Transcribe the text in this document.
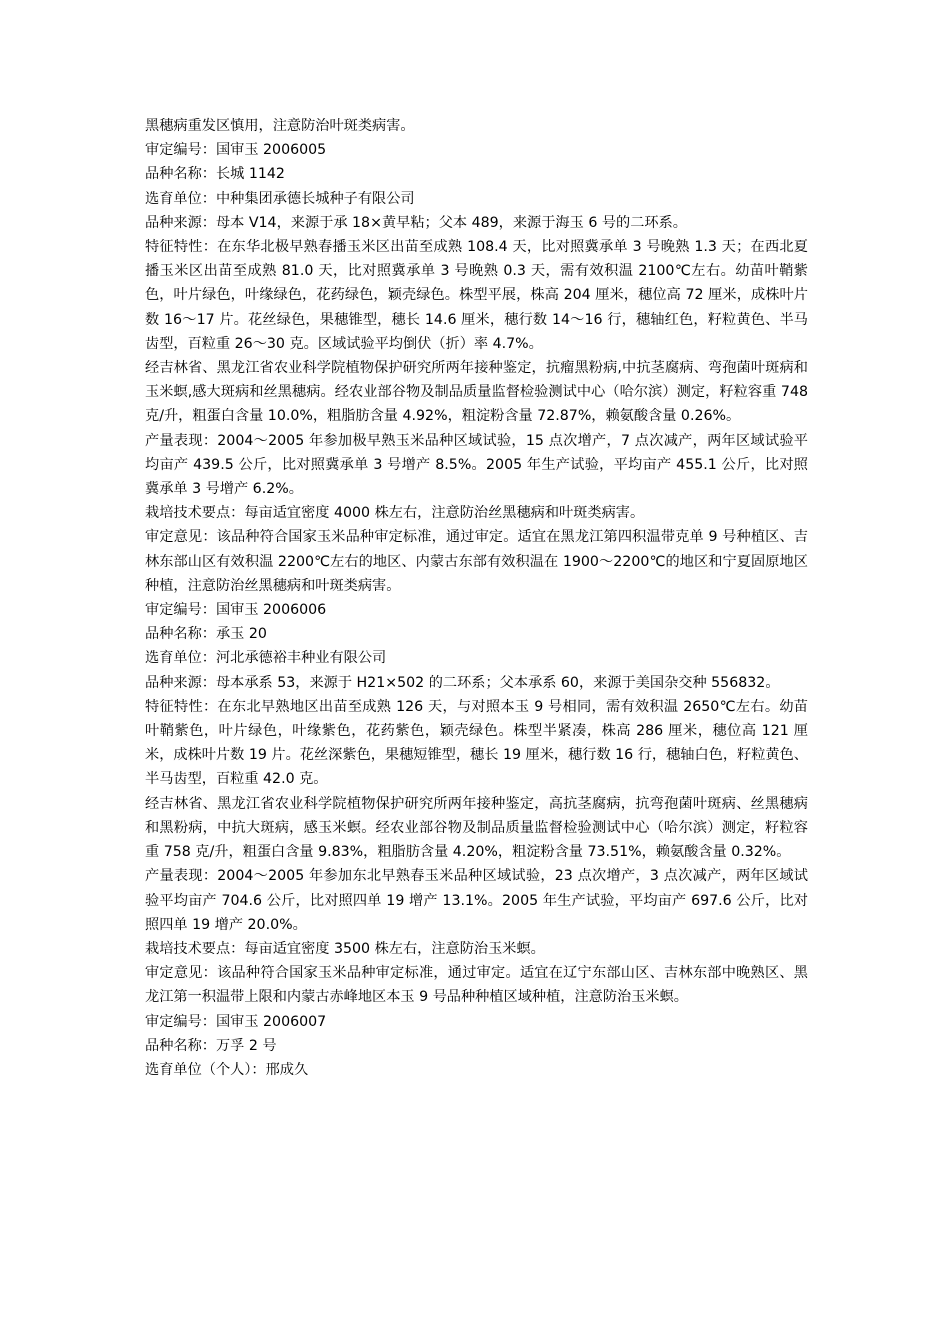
黑穗病重发区慎用，注意防治叶斑类病害。

审定编号：国审玉 2006005

品种名称：长城 1142

选育单位：中种集团承德长城种子有限公司

品种来源：母本 V14，来源于承 18×黄早粘；父本 489，来源于海玉 6 号的二环系。

特征特性：在东华北极早熟春播玉米区出苗至成熟 108.4 天，比对照冀承单 3 号晚熟 1.3 天；在西北夏播玉米区出苗至成熟 81.0 天，比对照冀承单 3 号晚熟 0.3 天，需有效积温 2100℃左右。幼苗叶鞘紫色，叶片绿色，叶缘绿色，花药绿色，颖壳绿色。株型平展，株高 204 厘米，穗位高 72 厘米，成株叶片数 16～17 片。花丝绿色，果穗锥型，穗长 14.6 厘米，穗行数 14～16 行，穗轴红色，籽粒黄色、半马齿型，百粒重 26～30 克。区域试验平均倒伏（折）率 4.7%。

经吉林省、黑龙江省农业科学院植物保护研究所两年接种鉴定，抗瘤黑粉病,中抗茎腐病、弯孢菌叶斑病和玉米螟,感大斑病和丝黑穗病。经农业部谷物及制品质量监督检验测试中心（哈尔滨）测定，籽粒容重 748 克/升，粗蛋白含量 10.0%，粗脂肪含量 4.92%，粗淀粉含量 72.87%，赖氨酸含量 0.26%。

产量表现：2004～2005 年参加极早熟玉米品种区域试验，15 点次增产，7 点次减产，两年区域试验平均亩产 439.5 公斤，比对照冀承单 3 号增产 8.5%。2005 年生产试验，平均亩产 455.1 公斤，比对照冀承单 3 号增产 6.2%。

栽培技术要点：每亩适宜密度 4000 株左右，注意防治丝黑穗病和叶斑类病害。

审定意见：该品种符合国家玉米品种审定标准，通过审定。适宜在黑龙江第四积温带克单 9 号种植区、吉林东部山区有效积温 2200℃左右的地区、内蒙古东部有效积温在 1900～2200℃的地区和宁夏固原地区种植，注意防治丝黑穗病和叶斑类病害。

审定编号：国审玉 2006006

品种名称：承玉 20

选育单位：河北承德裕丰种业有限公司

品种来源：母本承系 53，来源于 H21×502 的二环系；父本承系 60，来源于美国杂交种 556832。

特征特性：在东北早熟地区出苗至成熟 126 天，与对照本玉 9 号相同，需有效积温 2650℃左右。幼苗叶鞘紫色，叶片绿色，叶缘紫色，花药紫色，颖壳绿色。株型半紧凑，株高 286 厘米，穗位高 121 厘米，成株叶片数 19 片。花丝深紫色，果穗短锥型，穗长 19 厘米，穗行数 16 行，穗轴白色，籽粒黄色、半马齿型，百粒重 42.0 克。

经吉林省、黑龙江省农业科学院植物保护研究所两年接种鉴定，高抗茎腐病，抗弯孢菌叶斑病、丝黑穗病和黑粉病，中抗大斑病，感玉米螟。经农业部谷物及制品质量监督检验测试中心（哈尔滨）测定，籽粒容重 758 克/升，粗蛋白含量 9.83%，粗脂肪含量 4.20%，粗淀粉含量 73.51%，赖氨酸含量 0.32%。

产量表现：2004～2005 年参加东北早熟春玉米品种区域试验，23 点次增产，3 点次减产，两年区域试验平均亩产 704.6 公斤，比对照四单 19 增产 13.1%。2005 年生产试验，平均亩产 697.6 公斤，比对照四单 19 增产 20.0%。

栽培技术要点：每亩适宜密度 3500 株左右，注意防治玉米螟。

审定意见：该品种符合国家玉米品种审定标准，通过审定。适宜在辽宁东部山区、吉林东部中晚熟区、黑龙江第一积温带上限和内蒙古赤峰地区本玉 9 号品种种植区域种植，注意防治玉米螟。

审定编号：国审玉 2006007

品种名称：万孚 2 号

选育单位（个人）：邢成久
